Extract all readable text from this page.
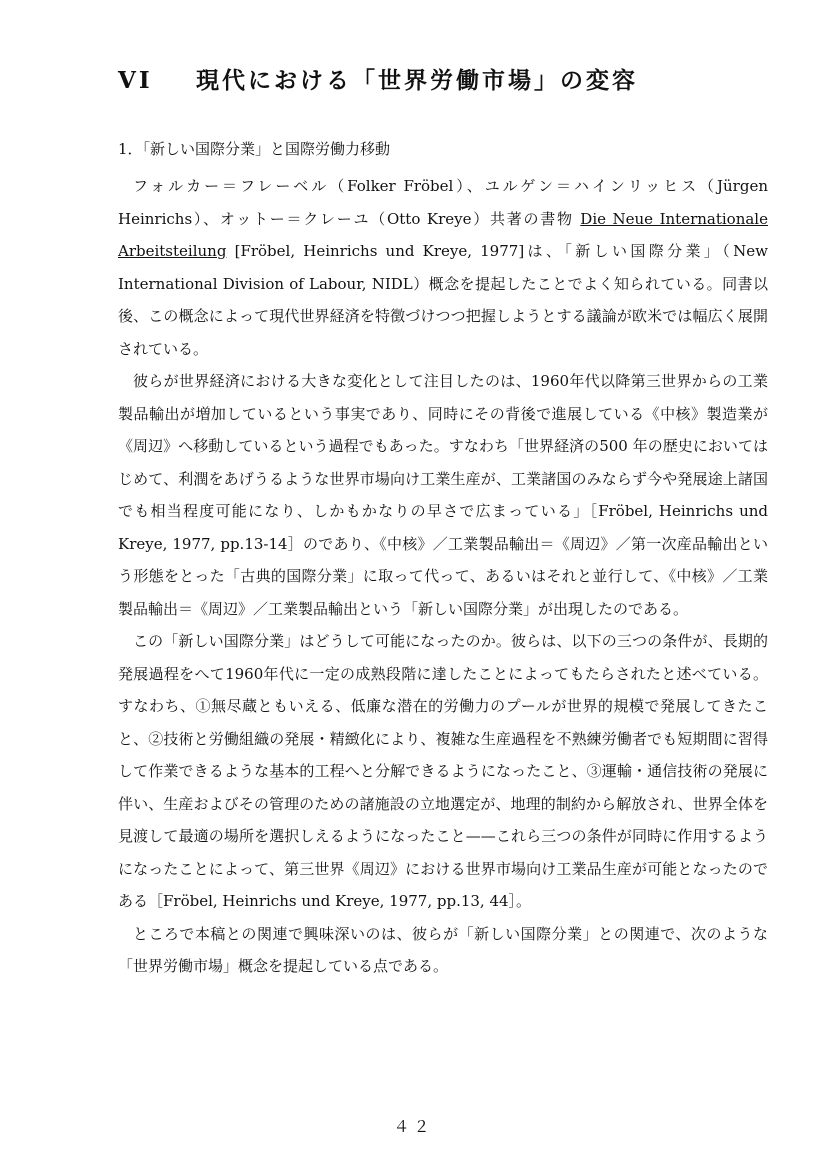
VI 現代における「世界労働市場」の変容
1．「新しい国際分業」と国際労働力移動

フォルカー＝フレーベル（Folker Fröbel）、ユルゲン＝ハインリッヒス（Jürgen Heinrichs）、オットー＝クレーユ（Otto Kreye）共著の書物 Die Neue Internationale Arbeitsteilung [Fröbel, Heinrichs und Kreye, 1977]は、「新しい国際分業」（New International Division of Labour, NIDL）概念を提起したことでよく知られている。同書以後、この概念によって現代世界経済を特徴づけつつ把握しようとする議論が欧米では幅広く展開されている。

彼らが世界経済における大きな変化として注目したのは、1960年代以降第三世界からの工業製品輸出が増加しているという事実であり、同時にその背後で進展している《中核》製造業が《周辺》へ移動しているという過程でもあった。すなわち「世界経済の500 年の歴史においてはじめて、利潤をあげうるような世界市場向け工業生産が、工業諸国のみならず今や発展途上諸国でも相当程度可能になり、しかもかなりの早さで広まっている」［Fröbel, Heinrichs und Kreye, 1977, pp.13-14］のであり、《中核》／工業製品輸出＝《周辺》／第一次産品輸出という形態をとった「古典的国際分業」に取って代って、あるいはそれと並行して、《中核》／工業製品輸出＝《周辺》／工業製品輸出という「新しい国際分業」が出現したのである。

この「新しい国際分業」はどうして可能になったのか。彼らは、以下の三つの条件が、長期的発展過程をへて1960年代に一定の成熟段階に達したことによってもたらされたと述べている。すなわち、①無尽蔵ともいえる、低廉な潜在的労働力のプールが世界的規模で発展してきたこと、②技術と労働組織の発展・精緻化により、複雑な生産過程を不熟練労働者でも短期間に習得して作業できるような基本的工程へと分解できるようになったこと、③運輸・通信技術の発展に伴い、生産およびその管理のための諸施設の立地選定が、地理的制約から解放され、世界全体を見渡して最適の場所を選択しえるようになったこと——これら三つの条件が同時に作用するようになったことによって、第三世界《周辺》における世界市場向け工業品生産が可能となったのである［Fröbel, Heinrichs und Kreye, 1977, pp.13, 44］。

ところで本稿との関連で興味深いのは、彼らが「新しい国際分業」との関連で、次のような「世界労働市場」概念を提起している点である。

４２
